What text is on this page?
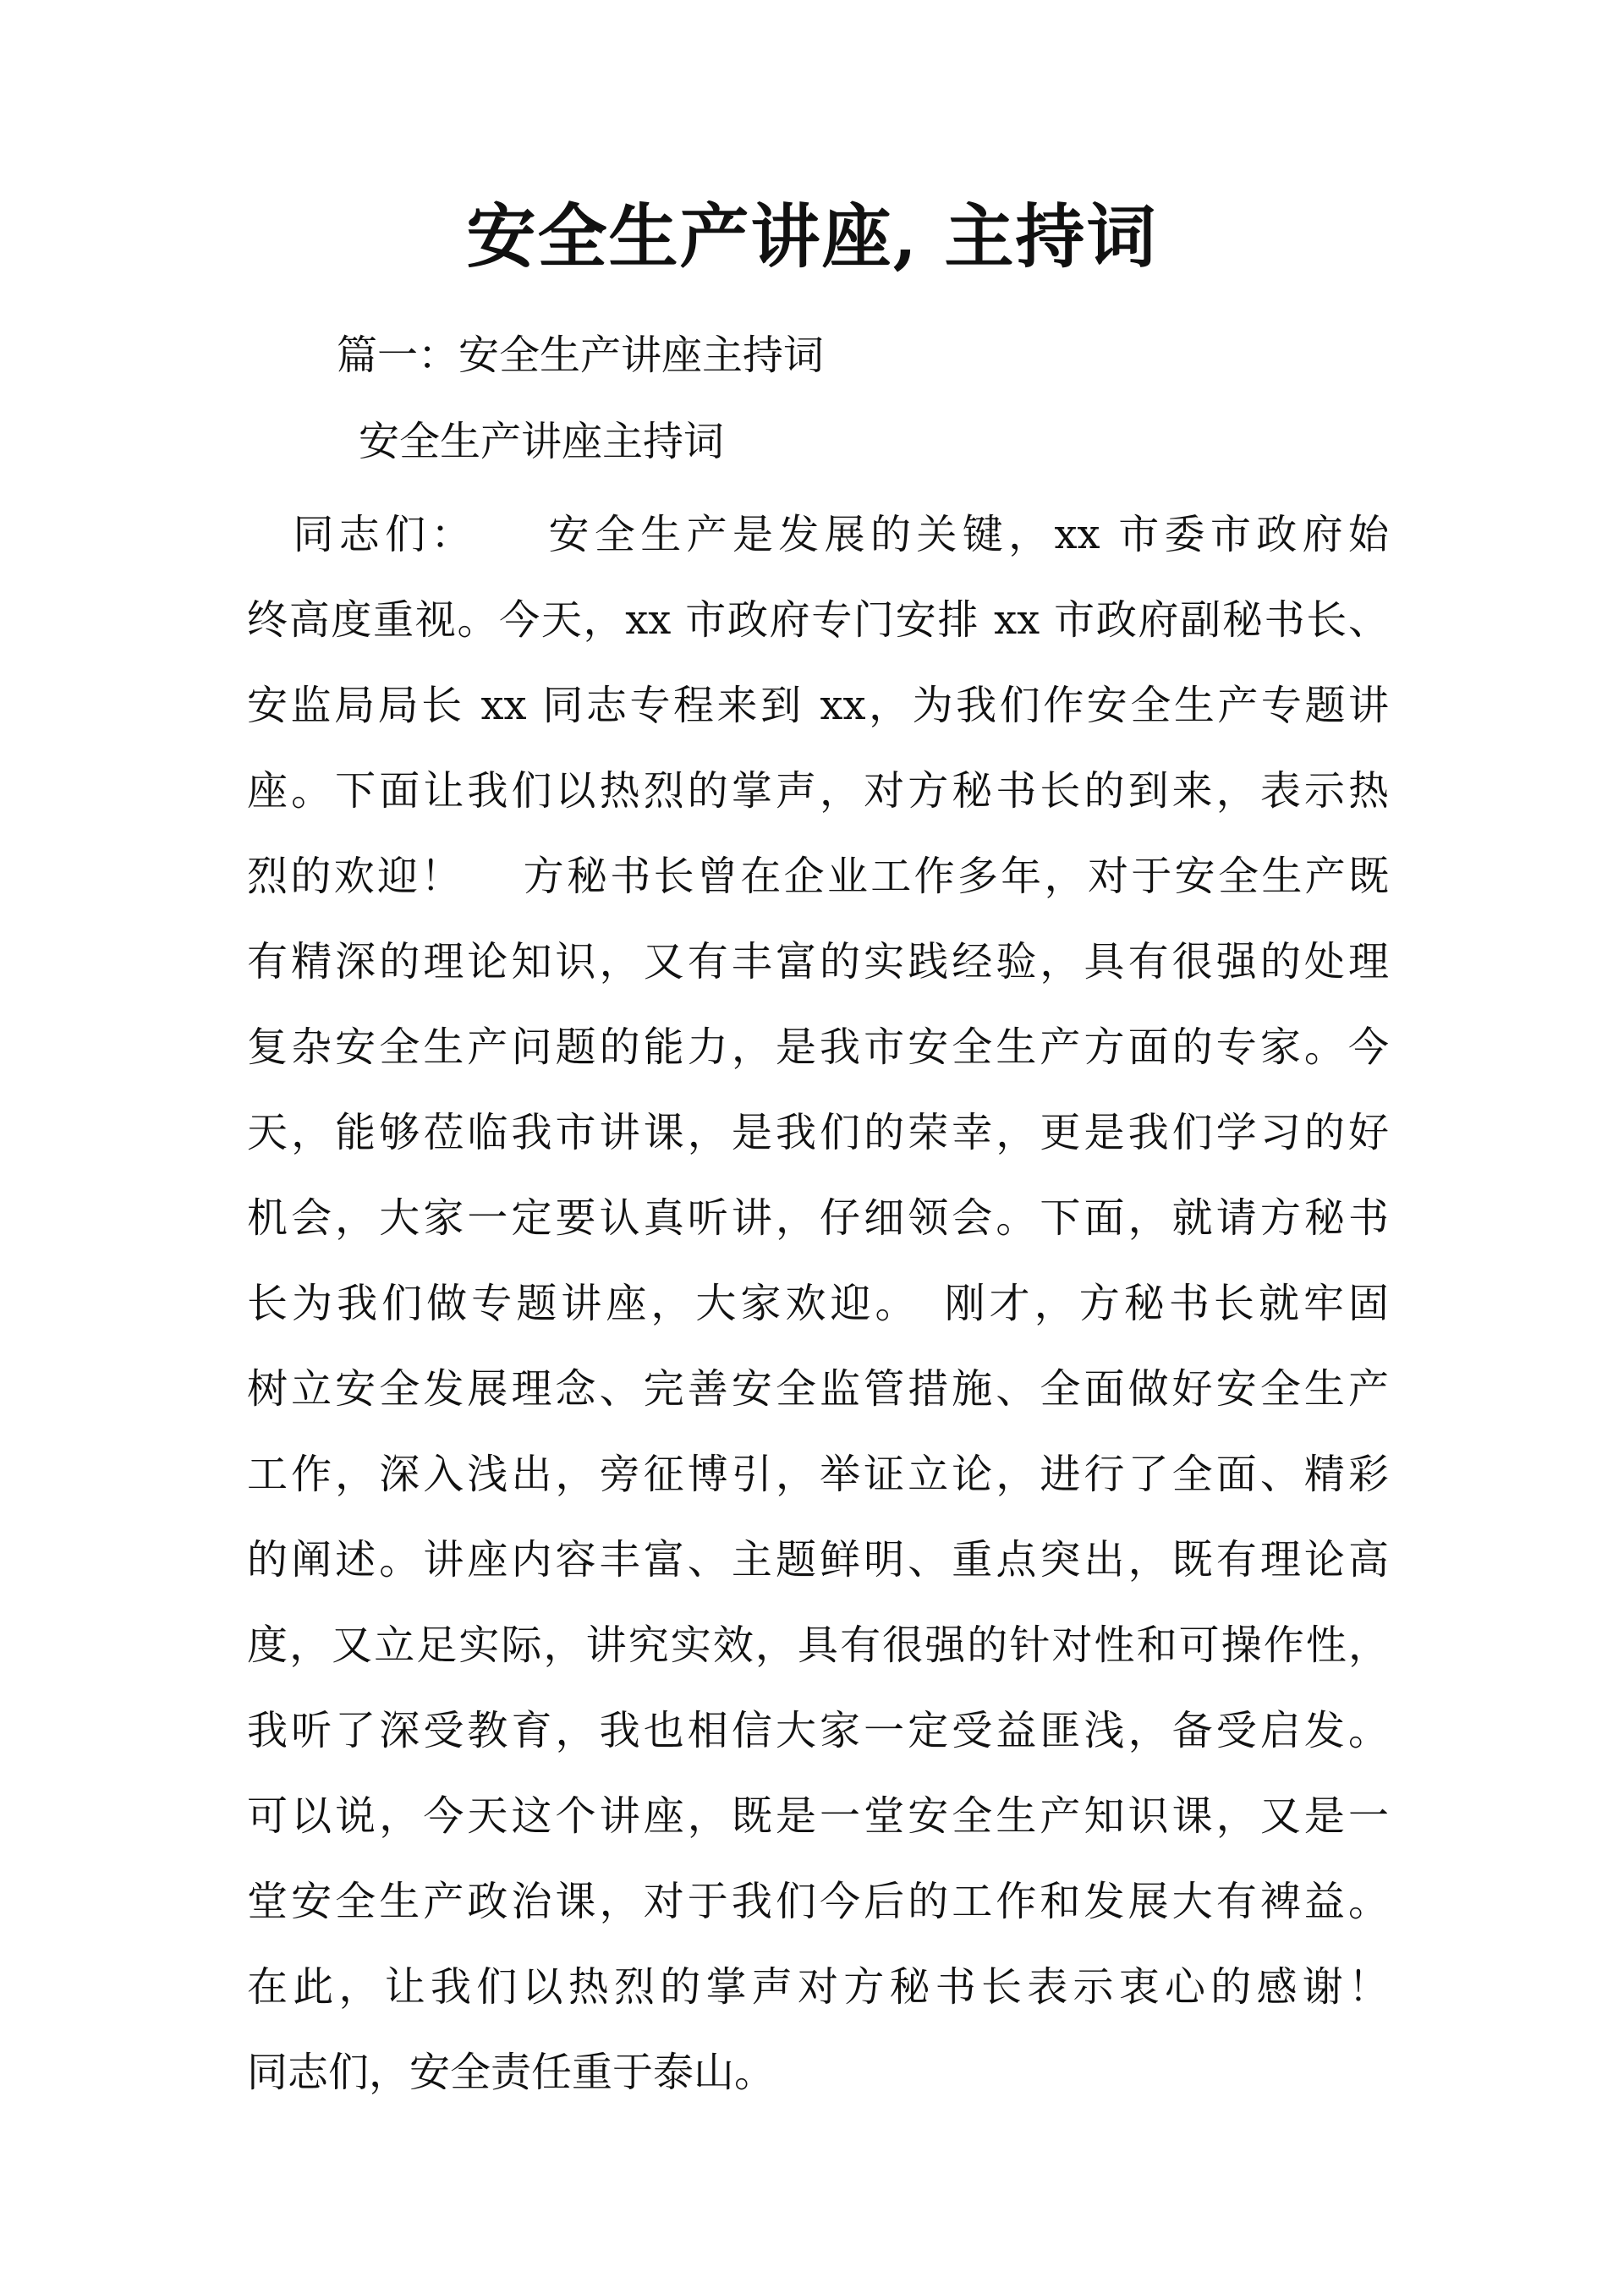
安全生产讲座, 主持词
篇一：安全生产讲座主持词
安全生产讲座主持词
　同志们：　　安全生产是发展的关键，xx 市委市政府始
终高度重视。今天，xx 市政府专门安排 xx 市政府副秘书长、
安监局局长 xx 同志专程来到 xx，为我们作安全生产专题讲
座。下面让我们以热烈的掌声，对方秘书长的到来，表示热
烈的欢迎！　 方秘书长曾在企业工作多年，对于安全生产既
有精深的理论知识，又有丰富的实践经验，具有很强的处理
复杂安全生产问题的能力，是我市安全生产方面的专家。今
天，能够莅临我市讲课，是我们的荣幸，更是我们学习的好
机会，大家一定要认真听讲，仔细领会。下面，就请方秘书
长为我们做专题讲座，大家欢迎。　刚才，方秘书长就牢固
树立安全发展理念、完善安全监管措施、全面做好安全生产
工作，深入浅出，旁征博引，举证立论，进行了全面、精彩
的阐述。讲座内容丰富、主题鲜明、重点突出，既有理论高
度，又立足实际，讲究实效，具有很强的针对性和可操作性，
我听了深受教育，我也相信大家一定受益匪浅，备受启发。
可以说，今天这个讲座，既是一堂安全生产知识课，又是一
堂安全生产政治课，对于我们今后的工作和发展大有裨益。
在此，让我们以热烈的掌声对方秘书长表示衷心的感谢！
同志们，安全责任重于泰山。
